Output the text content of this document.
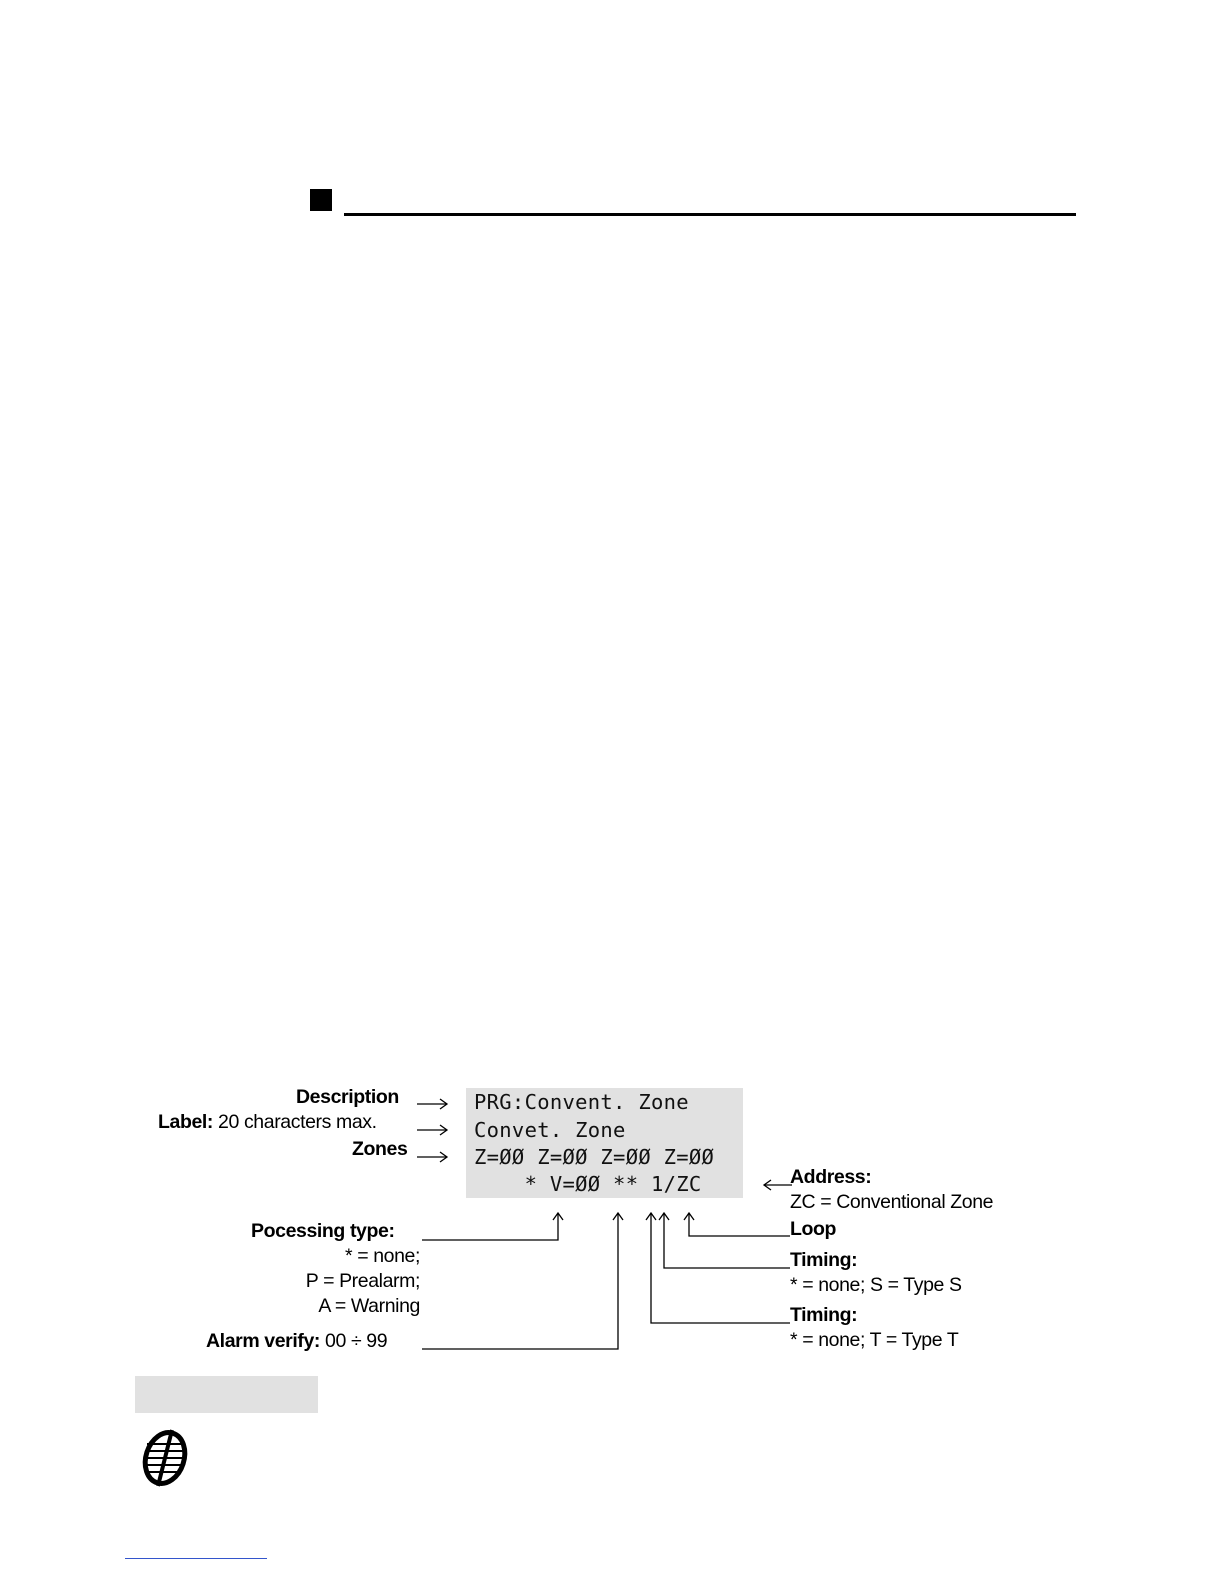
PRG:Convent. Zone
Convet. Zone
Z=ØØ Z=ØØ Z=ØØ Z=ØØ
* V=ØØ ** 1/ZC
Description
Label: 20 characters max.
Zones
Pocessing type:
* = none;
P = Prealarm;
A = Warning
Alarm verify: 00 ÷ 99
Address:
ZC = Conventional Zone
Loop
Timing:
* = none; S = Type S
Timing:
* = none; T = Type T
